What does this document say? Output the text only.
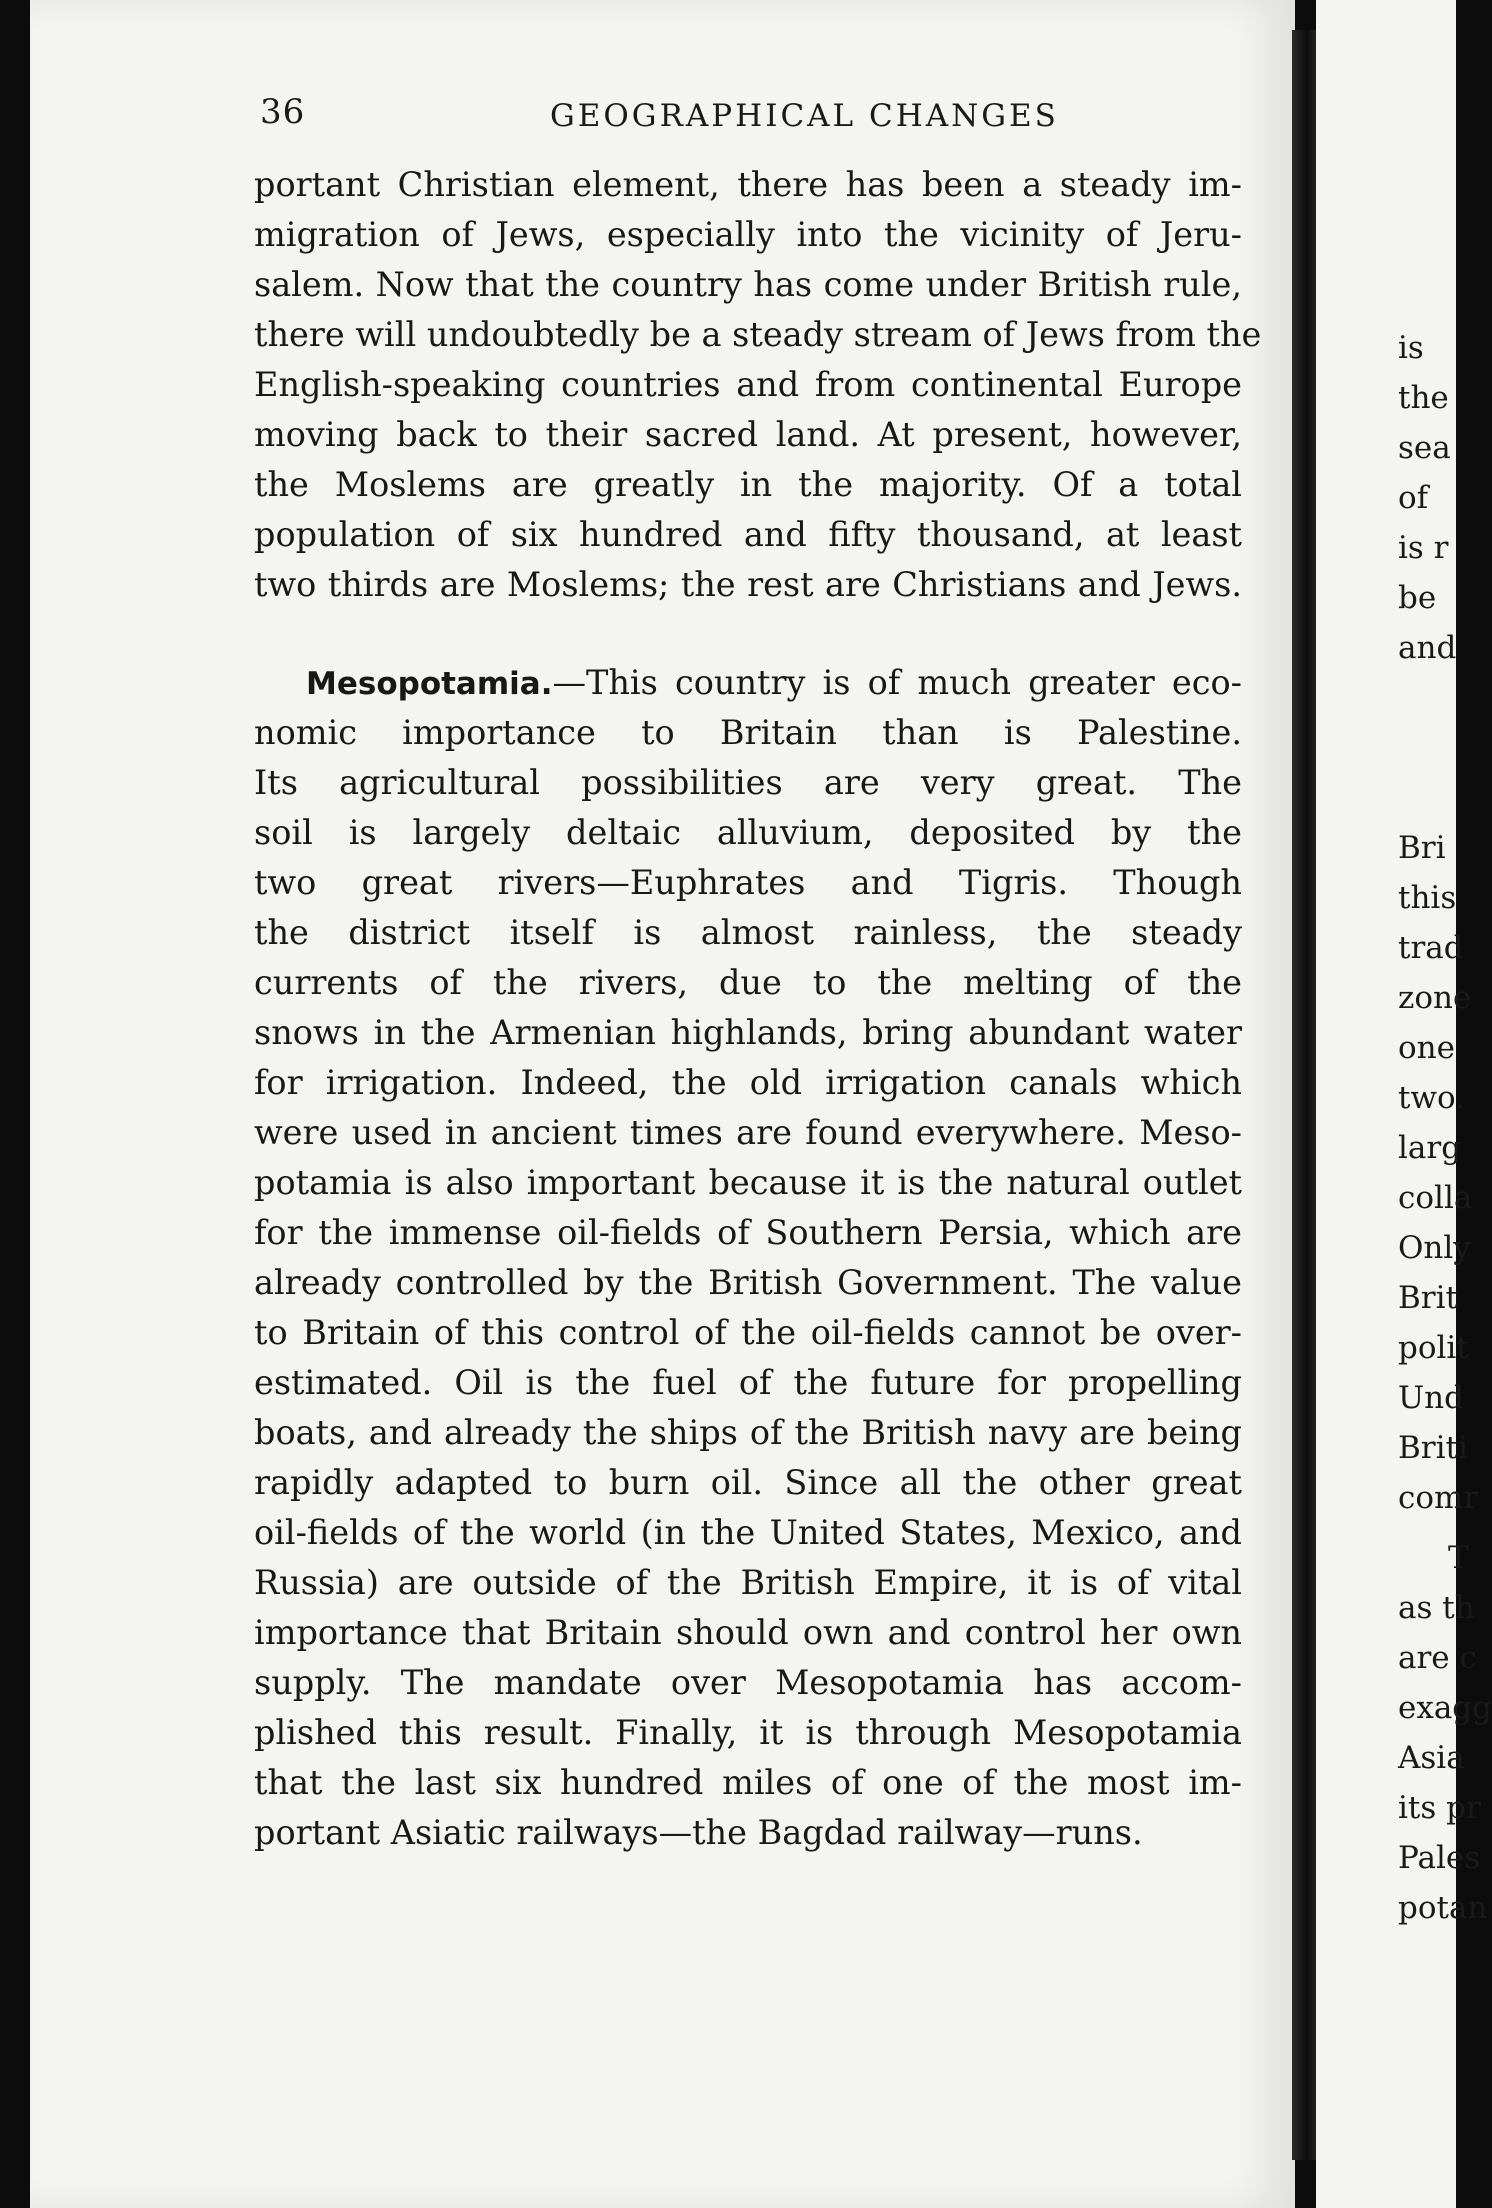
36	GEOGRAPHICAL CHANGES
portant Christian element, there has been a steady im-
migration of Jews, especially into the vicinity of Jeru-
salem. Now that the country has come under British rule,
there will undoubtedly be a steady stream of Jews from the
English-speaking countries and from continental Europe
moving back to their sacred land. At present, however,
the Moslems are greatly in the majority. Of a total
population of six hundred and fifty thousand, at least
two thirds are Moslems; the rest are Christians and Jews.
Mesopotamia.—This country is of much greater eco-
nomic importance to Britain than is Palestine.
Its agricultural possibilities are very great. The
soil is largely deltaic alluvium, deposited by the
two great rivers—Euphrates and Tigris. Though
the district itself is almost rainless, the steady
currents of the rivers, due to the melting of the
snows in the Armenian highlands, bring abundant water
for irrigation. Indeed, the old irrigation canals which
were used in ancient times are found everywhere. Meso-
potamia is also important because it is the natural outlet
for the immense oil-fields of Southern Persia, which are
already controlled by the British Government. The value
to Britain of this control of the oil-fields cannot be over-
estimated. Oil is the fuel of the future for propelling
boats, and already the ships of the British navy are being
rapidly adapted to burn oil. Since all the other great
oil-fields of the world (in the United States, Mexico, and
Russia) are outside of the British Empire, it is of vital
importance that Britain should own and control her own
supply. The mandate over Mesopotamia has accom-
plished this result. Finally, it is through Mesopotamia
that the last six hundred miles of one of the most im-
portant Asiatic railways—the Bagdad railway—runs.
is
the
sea
of
is r
be
and
Bri
this
trad
zone
one
two.
larg
colla
Only
Brit
polit
Und
Briti
comr
T
as th
are c
exagg
Asia
its pr
Pales
potan
